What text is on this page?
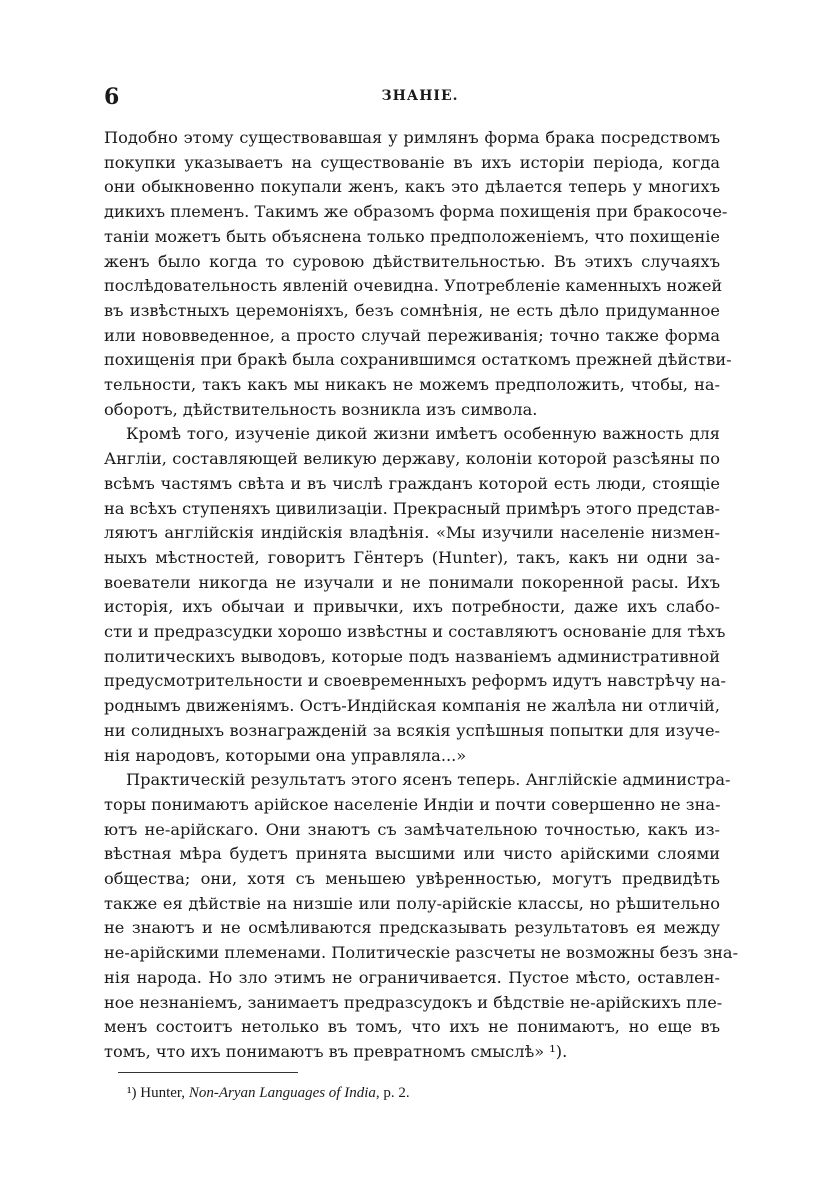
6	ЗНАНІЕ.
Подобно этому существовавшая у римлянъ форма брака посредствомъ
покупки указываетъ на существованіе въ ихъ исторіи періода, когда
они обыкновенно покупали женъ, какъ это дѣлается теперь у многихъ
дикихъ племенъ. Такимъ же образомъ форма похищенія при бракосоче-
таніи можетъ быть объяснена только предположеніемъ, что похищеніе
женъ было когда то суровою дѣйствительностью. Въ этихъ случаяхъ
послѣдовательность явленій очевидна. Употребленіе каменныхъ ножей
въ извѣстныхъ церемоніяхъ, безъ сомнѣнія, не есть дѣло придуманное
или нововведенное, а просто случай переживанія; точно также форма
похищенія при бракѣ была сохранившимся остаткомъ прежней дѣйстви-
тельности, такъ какъ мы никакъ не можемъ предположить, чтобы, на-
оборотъ, дѣйствительность возникла изъ символа.
Кромѣ того, изученіе дикой жизни имѣетъ особенную важность для
Англіи, составляющей великую державу, колоніи которой разсѣяны по
всѣмъ частямъ свѣта и въ числѣ гражданъ которой есть люди, стоящіе
на всѣхъ ступеняхъ цивилизаціи. Прекрасный примѣръ этого представ-
ляютъ англійскія индійскія владѣнія. «Мы изучили населеніе низмен-
ныхъ мѣстностей, говоритъ Гёнтеръ (Hunter), такъ, какъ ни одни за-
воеватели никогда не изучали и не понимали покоренной расы. Ихъ
исторія, ихъ обычаи и привычки, ихъ потребности, даже ихъ слабо-
сти и предразсудки хорошо извѣстны и составляютъ основаніе для тѣхъ
политическихъ выводовъ, которые подъ названіемъ административной
предусмотрительности и своевременныхъ реформъ идутъ навстрѣчу на-
роднымъ движеніямъ. Остъ-Индійская компанія не жалѣла ни отличій,
ни солидныхъ вознагражденій за всякія успѣшныя попытки для изуче-
нія народовъ, которыми она управляла...»
Практическій результатъ этого ясенъ теперь. Англійскіе администра-
торы понимаютъ арійское населеніе Индіи и почти совершенно не зна-
ютъ не-арійскаго. Они знаютъ съ замѣчательною точностью, какъ из-
вѣстная мѣра будетъ принята высшими или чисто арійскими слоями
общества; они, хотя съ меньшею увѣренностью, могутъ предвидѣть
также ея дѣйствіе на низшіе или полу-арійскіе классы, но рѣшительно
не знаютъ и не осмѣливаются предсказывать результатовъ ея между
не-арійскими племенами. Политическіе разсчеты не возможны безъ зна-
нія народа. Но зло этимъ не ограничивается. Пустое мѣсто, оставлен-
ное незнаніемъ, занимаетъ предразсудокъ и бѣдствіе не-арійскихъ пле-
менъ состоитъ нетолько въ томъ, что ихъ не понимаютъ, но еще въ
томъ, что ихъ понимаютъ въ превратномъ смыслѣ» ¹).
¹) Hunter, Non-Aryan Languages of India, p. 2.
